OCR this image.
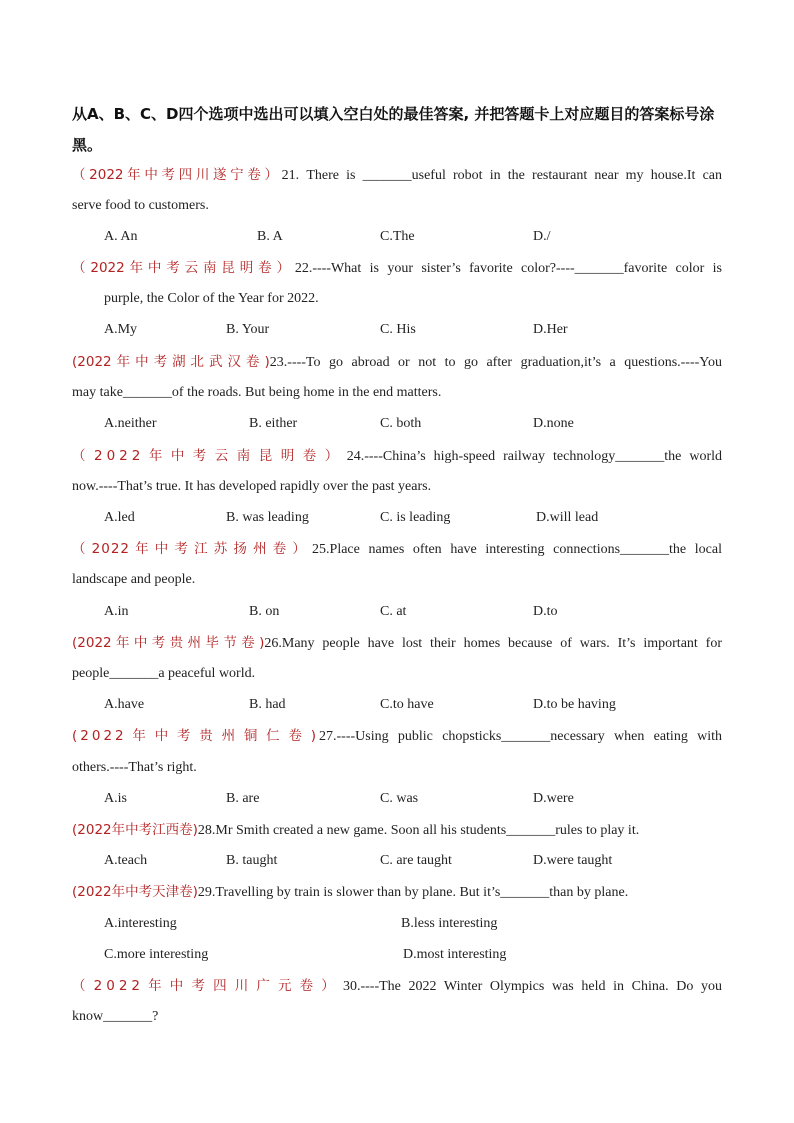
从A、B、C、D四个选项中选出可以填入空白处的最佳答案, 并把答题卡上对应题目的答案标号涂黑。
（2022年中考四川遂宁卷）21. There is _______useful robot in the restaurant near my house.It can
serve food to customers.
A. An	B. A	C.The	D./
（2022年中考云南昆明卷）22.----What is your sister’s favorite color?----_______favorite color is
purple, the Color of the Year for 2022.
A.My	B. Your	C. His	D.Her
(2022年中考湖北武汉卷)23.----To go abroad or not to go after graduation,it’s a questions.----You
may take_______of the roads. But being home in the end matters.
A.neither	B. either	C. both	D.none
（2022年中考云南昆明卷）24.----China’s high-speed railway technology_______the world
now.----That’s true. It has developed rapidly over the past years.
A.led	B. was leading	C. is leading	D.will lead
（2022年中考江苏扬州卷）25.Place names often have interesting connections_______the local
landscape and people.
A.in	B. on	C. at	D.to
(2022年中考贵州毕节卷)26.Many people have lost their homes because of wars. It’s important for
people_______a peaceful world.
A.have	B. had	C.to have	D.to be having
(2022年中考贵州铜仁卷)27.----Using public chopsticks_______necessary when eating with
others.----That’s right.
A.is	B. are	C. was	D.were
(2022年中考江西卷)28.Mr Smith created a new game. Soon all his students_______rules to play it.
A.teach	B. taught	C. are taught	D.were taught
(2022年中考天津卷)29.Travelling by train is slower than by plane. But it’s_______than by plane.
A.interesting	B.less interesting
C.more interesting	D.most interesting
（2022年中考四川广元卷）30.----The 2022 Winter Olympics was held in China. Do you
know_______?
